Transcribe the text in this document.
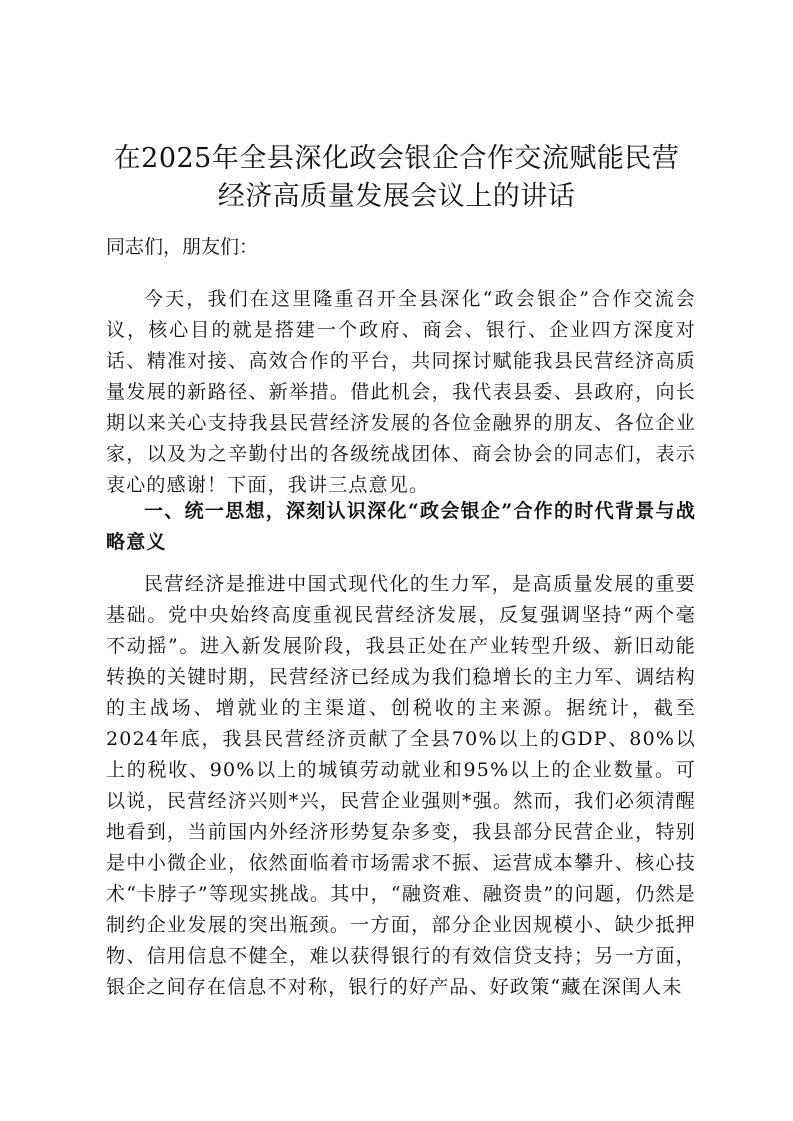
在2025年全县深化政会银企合作交流赋能民营经济高质量发展会议上的讲话
同志们，朋友们：
今天，我们在这里隆重召开全县深化“政会银企”合作交流会议，核心目的就是搭建一个政府、商会、银行、企业四方深度对话、精准对接、高效合作的平台，共同探讨赋能我县民营经济高质量发展的新路径、新举措。借此机会，我代表县委、县政府，向长期以来关心支持我县民营经济发展的各位金融界的朋友、各位企业家，以及为之辛勤付出的各级统战团体、商会协会的同志们，表示衷心的感谢！下面，我讲三点意见。
一、统一思想，深刻认识深化“政会银企”合作的时代背景与战略意义
民营经济是推进中国式现代化的生力军，是高质量发展的重要基础。党中央始终高度重视民营经济发展，反复强调坚持“两个毫不动摇”。进入新发展阶段，我县正处在产业转型升级、新旧动能转换的关键时期，民营经济已经成为我们稳增长的主力军、调结构的主战场、增就业的主渠道、创税收的主来源。据统计，截至2024年底，我县民营经济贡献了全县70%以上的GDP、80%以上的税收、90%以上的城镇劳动就业和95%以上的企业数量。可以说，民营经济兴则*兴，民营企业强则*强。然而，我们必须清醒地看到，当前国内外经济形势复杂多变，我县部分民营企业，特别是中小微企业，依然面临着市场需求不振、运营成本攀升、核心技术“卡脖子”等现实挑战。其中，“融资难、融资贵”的问题，仍然是制约企业发展的突出瓶颈。一方面，部分企业因规模小、缺少抵押物、信用信息不健全，难以获得银行的有效信贷支持；另一方面，银企之间存在信息不对称，银行的好产品、好政策“藏在深闺人未
